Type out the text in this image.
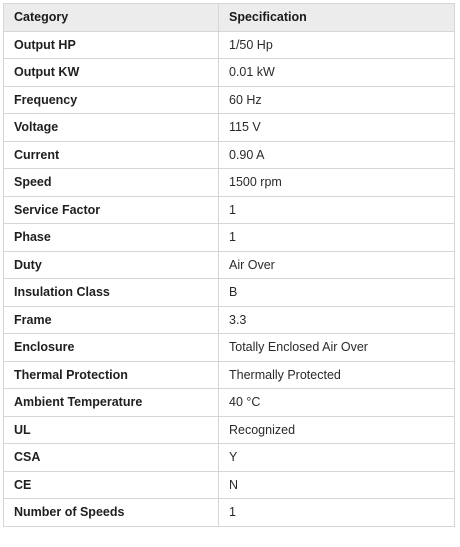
Category	Specification
Output HP	1/50 Hp
Output KW	0.01 kW
Frequency	60 Hz
Voltage	115 V
Current	0.90 A
Speed	1500 rpm
Service Factor	1
Phase	1
Duty	Air Over
Insulation Class	B
Frame	3.3
Enclosure	Totally Enclosed Air Over
Thermal Protection	Thermally Protected
Ambient Temperature	40 °C
UL	Recognized
CSA	Y
CE	N
Number of Speeds	1
